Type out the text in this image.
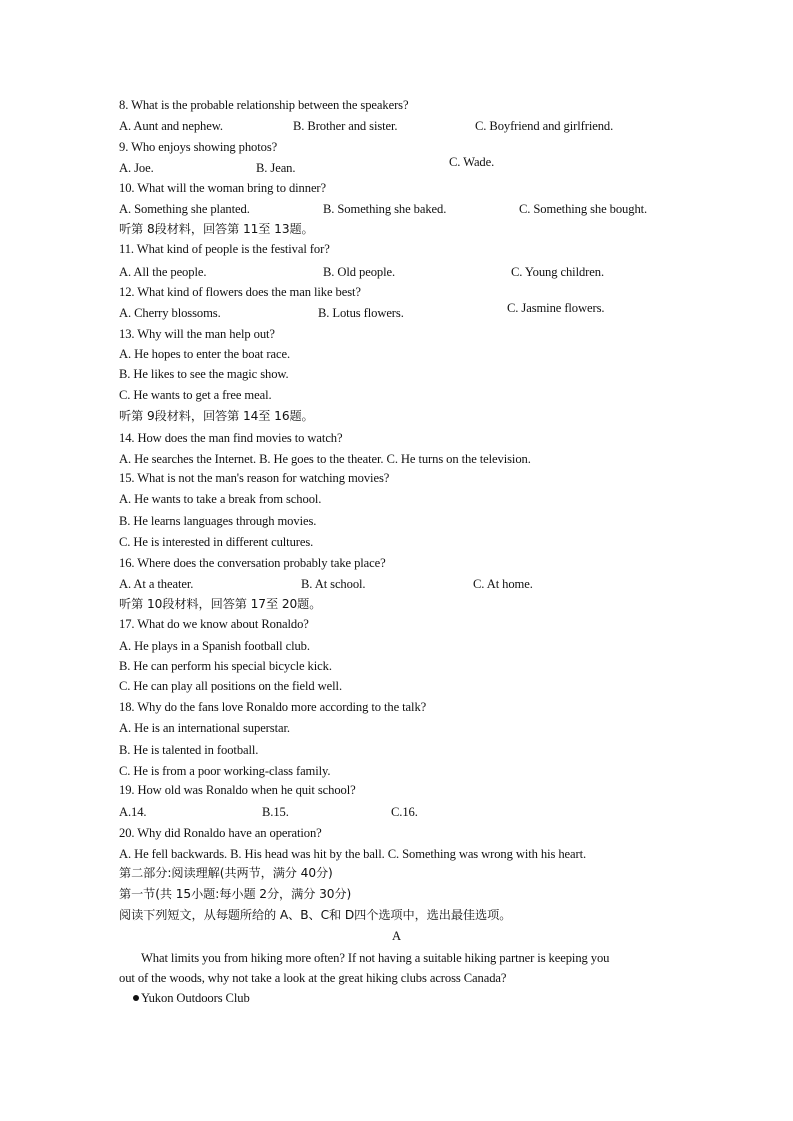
8. What is the probable relationship between the speakers?
A. Aunt and nephew.	B. Brother and sister.	C. Boyfriend and girlfriend.
9. Who enjoys showing photos?
A. Joe.	B. Jean.	C. Wade.
10. What will the woman bring to dinner?
A. Something she planted.	B. Something she baked.	C. Something she bought.
听第 8段材料，回答第 11至 13题。
11. What kind of people is the festival for?
A. All the people.	B. Old people.	C. Young children.
12. What kind of flowers does the man like best?
A. Cherry blossoms.	B. Lotus flowers.	C. Jasmine flowers.
13. Why will the man help out?
A. He hopes to enter the boat race.
B. He likes to see the magic show.
C. He wants to get a free meal.
听第 9段材料，回答第 14至 16题。
14. How does the man find movies to watch?
A. He searches the Internet. B. He goes to the theater. C. He turns on the television.
15. What is not the man's reason for watching movies?
A. He wants to take a break from school.
B. He learns languages through movies.
C. He is interested in different cultures.
16. Where does the conversation probably take place?
A. At a theater.	B. At school.	C. At home.
听第 10段材料，回答第 17至 20题。
17. What do we know about Ronaldo?
A. He plays in a Spanish football club.
B. He can perform his special bicycle kick.
C. He can play all positions on the field well.
18. Why do the fans love Ronaldo more according to the talk?
A. He is an international superstar.
B. He is talented in football.
C. He is from a poor working-class family.
19. How old was Ronaldo when he quit school?
A.14.	B.15.	C.16.
20. Why did Ronaldo have an operation?
A. He fell backwards. B. His head was hit by the ball. C. Something was wrong with his heart.
第二部分:阅读理解(共两节，满分 40分)
第一节(共 15小题:每小题 2分，满分 30分)
阅读下列短文，从每题所给的 A、B、C和 D四个选项中，选出最佳选项。
A
What limits you from hiking more often? If not having a suitable hiking partner is keeping you
out of the woods, why not take a look at the great hiking clubs across Canada?
Yukon Outdoors Club
